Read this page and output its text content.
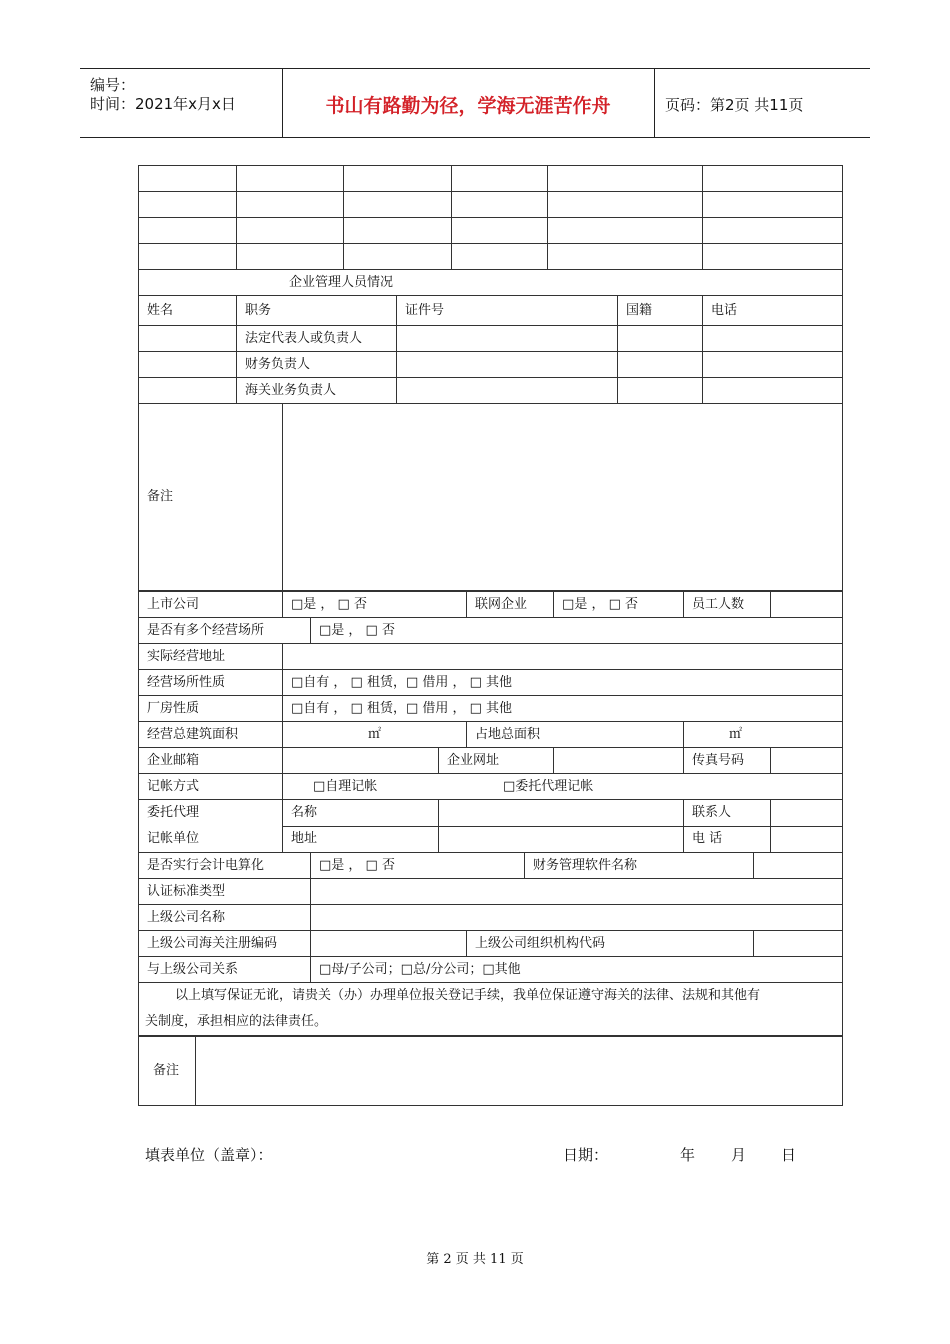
编号：
时间：2021年x月x日	书山有路勤为径，学海无涯苦作舟	页码：第2页 共11页

企业管理人员情况								
姓名	职务			证件号			国籍	电话
	法定代表人或负责人							
	财务负责人							
	海关业务负责人							
备注								
上市公司	□是 ， □ 否			联网企业		□是 ， □ 否	员工人数		
是否有多个经营场所		□是 ， □ 否							
实际经营地址									
经营场所性质	□自有 ， □ 租赁，□ 借用 ， □ 其他								
厂房性质	□自有 ， □ 租赁，□ 借用 ， □ 其他								
经营总建筑面积	㎡			占地总面积			㎡		
企业邮箱			企业网址				传真号码		
记帐方式	□自理记帐 □委托代理记帐								
委托代理
记帐单位	名称						联系人		
	地址						电 话		
是否实行会计电算化		□是 ， □ 否			财务管理软件名称				
认证标准类型									
上级公司名称									
上级公司海关注册编码				上级公司组织机构代码					
与上级公司关系		□母/子公司；□总/分公司；□其他							

以上填写保证无讹，请贵关（办）办理单位报关登记手续，我单位保证遵守海关的法律、法规和其他有
关制度，承担相应的法律责任。									
备注	
填表单位（盖章）：	日期：	年 月 日
第 2 页 共 11 页
